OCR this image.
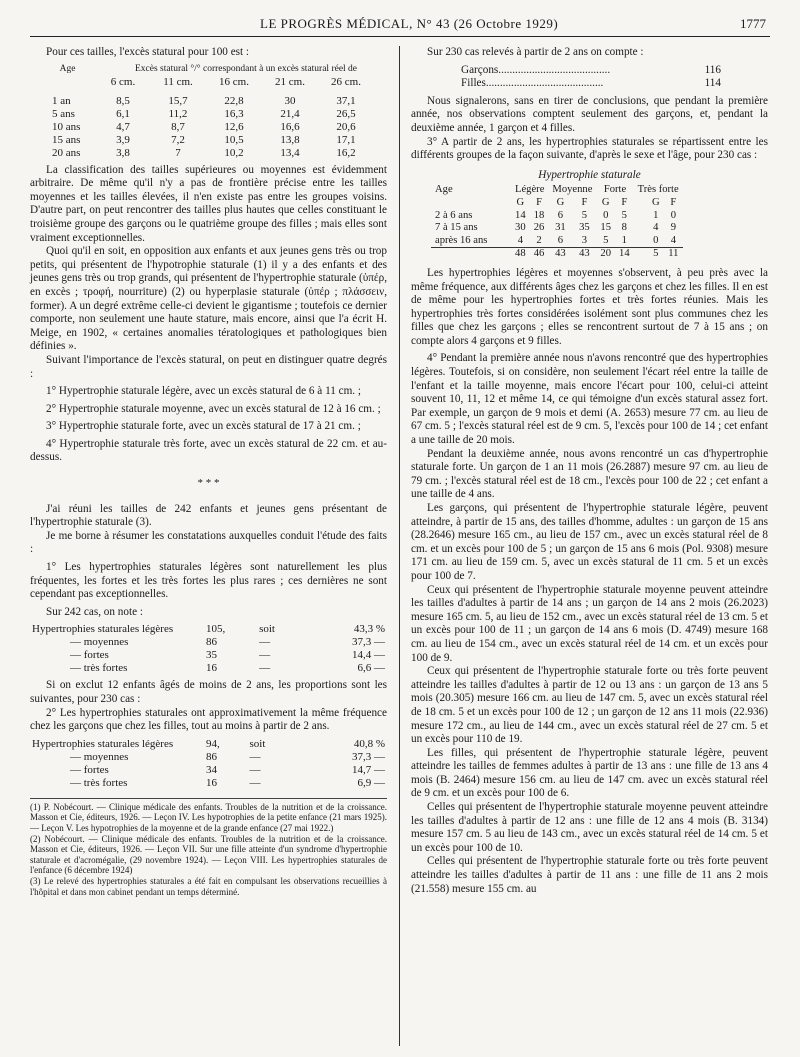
LE PROGRÈS MÉDICAL, N° 43 (26 Octobre 1929)	1777

Pour ces tailles, l'excès statural pour 100 est :

Age	Excès statural °/° correspondant à un excès statural réel de
	6 cm.	11 cm.	16 cm.	21 cm.	26 cm.

1 an	8,5	15,7	22,8	30	37,1
5 ans	6,1	11,2	16,3	21,4	26,5
10 ans	4,7	8,7	12,6	16,6	20,6
15 ans	3,9	7,2	10,5	13,8	17,1
20 ans	3,8	7	10,2	13,4	16,2

La classification des tailles supérieures ou moyennes est évidemment arbitraire. De même qu'il n'y a pas de frontière précise entre les tailles moyennes et les tailles élevées, il n'en existe pas entre les groupes voisins. D'autre part, on peut rencontrer des tailles plus hautes que celles constituant le troisième groupe des garçons ou le quatrième groupe des filles ; mais elles sont vraiment exceptionnelles.

Quoi qu'il en soit, en opposition aux enfants et aux jeunes gens très ou trop petits, qui présentent de l'hypotrophie staturale (1) il y a des enfants et des jeunes gens très ou trop grands, qui présentent de l'hypertrophie staturale (ὑπέρ, en excès ; τροφή, nourriture) (2) ou hyperplasie staturale (ὑπέρ ; πλάσσειν, former). A un degré extrême celle-ci devient le gigantisme ; toutefois ce dernier comporte, non seulement une haute stature, mais encore, ainsi que l'a écrit H. Meige, en 1902, « certaines anomalies tératologiques et pathologiques bien définies ».

Suivant l'importance de l'excès statural, on peut en distinguer quatre degrés :

1° Hypertrophie staturale légère, avec un excès statural de 6 à 11 cm. ;

2° Hypertrophie staturale moyenne, avec un excès statural de 12 à 16 cm. ;

3° Hypertrophie staturale forte, avec un excès statural de 17 à 21 cm. ;

4° Hypertrophie staturale très forte, avec un excès statural de 22 cm. et au-dessus.

* * *

J'ai réuni les tailles de 242 enfants et jeunes gens présentant de l'hypertrophie staturale (3).

Je me borne à résumer les constatations auxquelles conduit l'étude des faits :

1° Les hypertrophies staturales légères sont naturellement les plus fréquentes, les fortes et les très fortes les plus rares ; ces dernières ne sont cependant pas exceptionnelles.

Sur 242 cas, on note :

Hypertrophies staturales légères	105,	soit	43,3 %
— moyennes	86	—	37,3 —
— fortes	35	—	14,4 —
— très fortes	16	—	6,6 —

Si on exclut 12 enfants âgés de moins de 2 ans, les proportions sont les suivantes, pour 230 cas :

2° Les hypertrophies staturales ont approximativement la même fréquence chez les garçons que chez les filles, tout au moins à partir de 2 ans.

Hypertrophies staturales légères	94,	soit	40,8 %
— moyennes	86	—	37,3 —
— fortes	34	—	14,7 —
— très fortes	16	—	6,9 —

(1) P. Nobécourt. — Clinique médicale des enfants. Troubles de la nutrition et de la croissance. Masson et Cie, éditeurs, 1926. — Leçon IV. Les hypotrophies de la petite enfance (21 mars 1925). — Leçon V. Les hypotrophies de la moyenne et de la grande enfance (27 mai 1922.)

(2) Nobécourt. — Clinique médicale des enfants. Troubles de la nutrition et de la croissance. Masson et Cie, éditeurs, 1926. — Leçon VII. Sur une fille atteinte d'un syndrome d'hypertrophie staturale et d'acromégalie, (29 novembre 1924). — Leçon VIII. Les hypertrophies staturales de l'enfance (6 décembre 1924)

(3) Le relevé des hypertrophies staturales a été fait en compulsant les observations recueillies à l'hôpital et dans mon cabinet pendant un temps déterminé.

Sur 230 cas relevés à partir de 2 ans on compte :

Garçons........................................	116
Filles..........................................	114

Nous signalerons, sans en tirer de conclusions, que pendant la première année, nos observations comptent seulement des garçons, et, pendant la deuxième année, 1 garçon et 4 filles.

3° A partir de 2 ans, les hypertrophies staturales se répartissent entre les différents groupes de la façon suivante, d'après le sexe et l'âge, pour 230 cas :

Hypertrophie staturale
Age	Légère		Moyenne		Forte		Très forte	
	G	F	G	F	G	F	G	F
2 à 6 ans	14	18	6	5	0	5	1	0
7 à 15 ans	30	26	31	35	15	8	4	9
après 16 ans	4	2	6	3	5	1	0	4
	48	46	43	43	20	14	5	11

Les hypertrophies légères et moyennes s'observent, à peu près avec la même fréquence, aux différents âges chez les garçons et chez les filles. Il en est de même pour les hypertrophies fortes et très fortes réunies. Mais les hypertrophies très fortes considérées isolément sont plus communes chez les filles que chez les garçons ; elles se rencontrent surtout de 7 à 15 ans ; on compte alors 4 garçons et 9 filles.

4° Pendant la première année nous n'avons rencontré que des hypertrophies légères. Toutefois, si on considère, non seulement l'écart réel entre la taille de l'enfant et la taille moyenne, mais encore l'écart pour 100, celui-ci atteint souvent 10, 11, 12 et même 14, ce qui témoigne d'un excès statural assez fort. Par exemple, un garçon de 9 mois et demi (A. 2653) mesure 77 cm. au lieu de 67 cm. 5 ; l'excès statural réel est de 9 cm. 5, l'excès pour 100 de 14 ; cet enfant a une taille de 20 mois.

Pendant la deuxième année, nous avons rencontré un cas d'hypertrophie staturale forte. Un garçon de 1 an 11 mois (26.2887) mesure 97 cm. au lieu de 79 cm. ; l'excès statural réel est de 18 cm., l'excès pour 100 de 22 ; cet enfant a une taille de 4 ans.

Les garçons, qui présentent de l'hypertrophie staturale légère, peuvent atteindre, à partir de 15 ans, des tailles d'homme, adultes : un garçon de 15 ans (28.2646) mesure 165 cm., au lieu de 157 cm., avec un excès statural réel de 8 cm. et un excès pour 100 de 5 ; un garçon de 15 ans 6 mois (Pol. 9308) mesure 171 cm. au lieu de 159 cm. 5, avec un excès statural de 11 cm. 5 et un excès pour 100 de 7.

Ceux qui présentent de l'hypertrophie staturale moyenne peuvent atteindre les tailles d'adultes à partir de 14 ans ; un garçon de 14 ans 2 mois (26.2023) mesure 165 cm. 5, au lieu de 152 cm., avec un excès statural réel de 13 cm. 5 et un excès pour 100 de 11 ; un garçon de 14 ans 6 mois (D. 4749) mesure 168 cm. au lieu de 154 cm., avec un excès statural réel de 14 cm. et un excès pour 100 de 9.

Ceux qui présentent de l'hypertrophie staturale forte ou très forte peuvent atteindre les tailles d'adultes à partir de 12 ou 13 ans : un garçon de 13 ans 5 mois (20.305) mesure 166 cm. au lieu de 147 cm. 5, avec un excès statural réel de 18 cm. 5 et un excès pour 100 de 12 ; un garçon de 12 ans 11 mois (22.936) mesure 172 cm., au lieu de 144 cm., avec un excès statural réel de 27 cm. 5 et un excès pour 110 de 19.

Les filles, qui présentent de l'hypertrophie staturale légère, peuvent atteindre les tailles de femmes adultes à partir de 13 ans : une fille de 13 ans 4 mois (B. 2464) mesure 156 cm. au lieu de 147 cm. avec un excès statural réel de 9 cm. et un excès pour 100 de 6.

Celles qui présentent de l'hypertrophie staturale moyenne peuvent atteindre les tailles d'adultes à partir de 12 ans : une fille de 12 ans 4 mois (B. 3134) mesure 157 cm. 5 au lieu de 143 cm., avec un excès statural réel de 14 cm. 5 et un excès pour 100 de 10.

Celles qui présentent de l'hypertrophie staturale forte ou très forte peuvent atteindre les tailles d'adultes à partir de 11 ans : une fille de 11 ans 2 mois (21.558) mesure 155 cm. au
